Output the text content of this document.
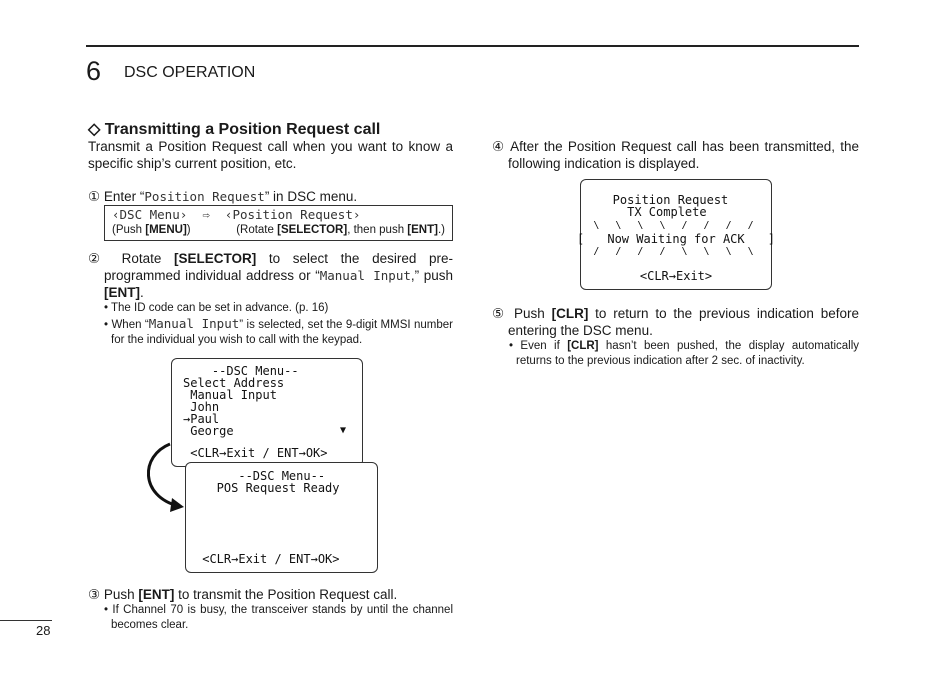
6 DSC OPERATION
◇ Transmitting a Position Request call
Transmit a Position Request call when you want to know a specific ship’s current position, etc.
① Enter “Position Request” in DSC menu.
‹DSC Menu› ⇨ ‹Position Request›
(Push [MENU])	(Rotate [SELECTOR], then push [ENT].)
② Rotate [SELECTOR] to select the desired pre-programmed individual address or “Manual Input,” push [ENT].
• The ID code can be set in advance. (p. 16)
• When “Manual Input” is selected, set the 9-digit MMSI number for the individual you wish to call with the keypad.

--DSC Menu--
Select Address
Manual Input
John
→Paul
George
<CLR→Exit / ENT→OK>

▼

--DSC Menu--
POS Request Ready

<CLR→Exit / ENT→OK>

③ Push [ENT] to transmit the Position Request call.
• If Channel 70 is busy, the transceiver stands by until the channel becomes clear.
④ After the Position Request call has been transmitted, the following indication is displayed.

Position Request
TX Complete

\ \ \ \ / / / /

Now Waiting for ACK

/ / / / \ \ \ \

[

	]

<CLR→Exit>

⑤ Push [CLR] to return to the previous indication before entering the DSC menu.
• Even if [CLR] hasn’t been pushed, the display automatically returns to the previous indication after 2 sec. of inactivity.
28
